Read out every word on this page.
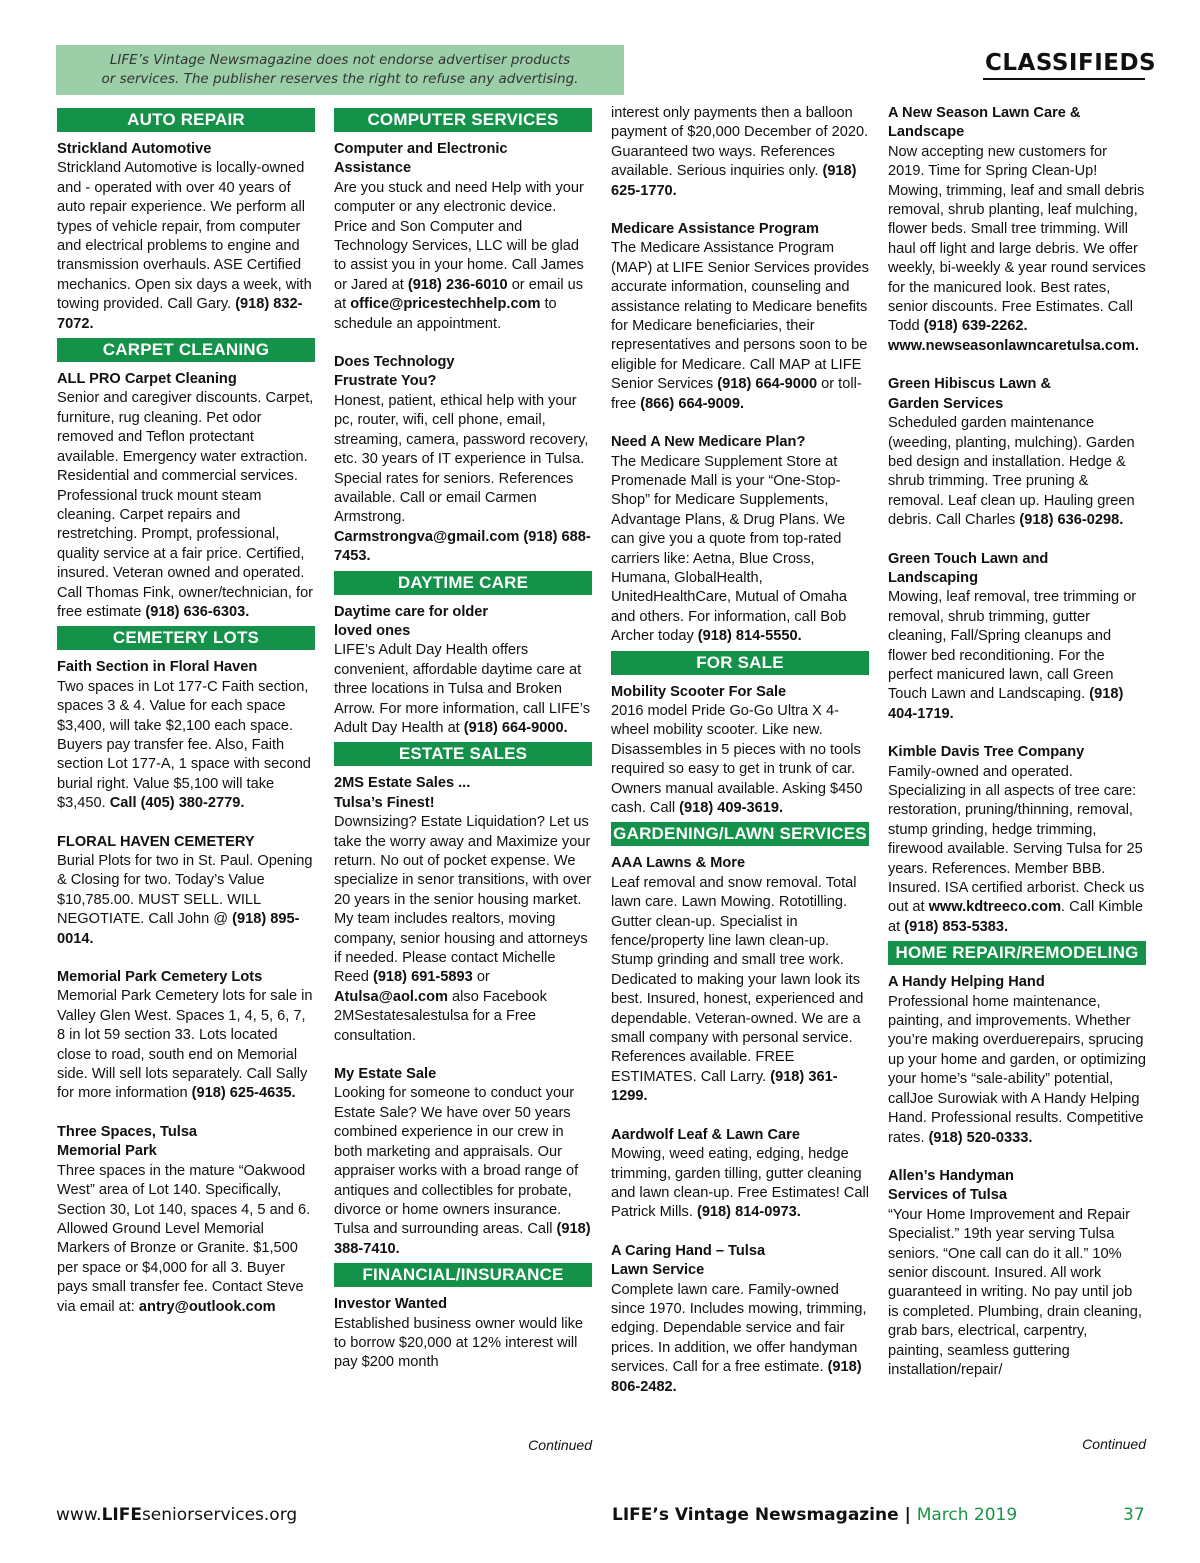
LIFE’s Vintage Newsmagazine does not endorse advertiser products
or services. The publisher reserves the right to refuse any advertising.
CLASSIFIEDS
AUTO REPAIR
Strickland Automotive

Strickland Automotive is locally-owned and - operated with over 40 years of auto repair experience. We perform all types of vehicle repair, from computer and electrical problems to engine and transmission overhauls. ASE Certified mechanics. Open six days a week, with towing provided. Call Gary. (918) 832-7072.

CARPET CLEANING
ALL PRO Carpet Cleaning

Senior and caregiver discounts. Carpet, furniture, rug cleaning. Pet odor removed and Teflon protectant available. Emergency water extraction. Residential and commercial services. Professional truck mount steam cleaning. Carpet repairs and restretching. Prompt, professional, quality service at a fair price. Certified, insured. Veteran owned and operated. Call Thomas Fink, owner/technician, for free estimate (918) 636-6303.

CEMETERY LOTS
Faith Section in Floral Haven

Two spaces in Lot 177-C Faith section, spaces 3 & 4. Value for each space $3,400, will take $2,100 each space. Buyers pay transfer fee. Also, Faith section Lot 177-A, 1 space with second burial right. Value $5,100 will take $3,450. Call (405) 380-2779.

FLORAL HAVEN CEMETERY

Burial Plots for two in St. Paul. Opening & Closing for two. Today’s Value $10,785.00. MUST SELL. WILL NEGOTIATE. Call John @ (918) 895-0014.

Memorial Park Cemetery Lots

Memorial Park Cemetery lots for sale in Valley Glen West. Spaces 1, 4, 5, 6, 7, 8 in lot 59 section 33. Lots located close to road, south end on Memorial side. Will sell lots separately. Call Sally for more information (918) 625-4635.

Three Spaces, Tulsa
Memorial Park

Three spaces in the mature “Oakwood West” area of Lot 140. Specifically, Section 30, Lot 140, spaces 4, 5 and 6. Allowed Ground Level Memorial Markers of Bronze or Granite. $1,500 per space or $4,000 for all 3. Buyer pays small transfer fee. Contact Steve via email at: antry@outlook.com

COMPUTER SERVICES
Computer and Electronic
Assistance

Are you stuck and need Help with your computer or any electronic device. Price and Son Computer and Technology Services, LLC will be glad to assist you in your home. Call James or Jared at (918) 236-6010 or email us at office@pricestechhelp.com to schedule an appointment.

Does Technology
Frustrate You?

Honest, patient, ethical help with your pc, router, wifi, cell phone, email, streaming, camera, password recovery, etc. 30 years of IT experience in Tulsa. Special rates for seniors. References available. Call or email Carmen Armstrong. Carmstrongva@gmail.com (918) 688-7453.

DAYTIME CARE
Daytime care for older
loved ones

LIFE’s Adult Day Health offers convenient, affordable daytime care at three locations in Tulsa and Broken Arrow. For more information, call LIFE’s Adult Day Health at (918) 664-9000.

ESTATE SALES
2MS Estate Sales ...
Tulsa’s Finest!

Downsizing? Estate Liquidation? Let us take the worry away and Maximize your return. No out of pocket expense. We specialize in senor transitions, with over 20 years in the senior housing market. My team includes realtors, moving company, senior housing and attorneys if needed. Please contact Michelle Reed (918) 691-5893 or Atulsa@aol.com also Facebook 2MSestatesalestulsa for a Free consultation.

My Estate Sale

Looking for someone to conduct your Estate Sale? We have over 50 years combined experience in our crew in both marketing and appraisals. Our appraiser works with a broad range of antiques and collectibles for probate, divorce or home owners insurance. Tulsa and surrounding areas. Call (918) 388-7410.

FINANCIAL/INSURANCE
Investor Wanted

Established business owner would like to borrow $20,000 at 12% interest will pay $200 month

Continued

interest only payments then a balloon payment of $20,000 December of 2020. Guaranteed two ways. References available. Serious inquiries only. (918) 625-1770.

Medicare Assistance Program

The Medicare Assistance Program (MAP) at LIFE Senior Services provides accurate information, counseling and assistance relating to Medicare benefits for Medicare beneficiaries, their representatives and persons soon to be eligible for Medicare. Call MAP at LIFE Senior Services (918) 664-9000 or toll-free (866) 664-9009.

Need A New Medicare Plan?

The Medicare Supplement Store at Promenade Mall is your “One-Stop-Shop” for Medicare Supplements, Advantage Plans, & Drug Plans. We can give you a quote from top-rated carriers like: Aetna, Blue Cross, Humana, GlobalHealth, UnitedHealthCare, Mutual of Omaha and others. For information, call Bob Archer today (918) 814-5550.

FOR SALE
Mobility Scooter For Sale

2016 model Pride Go-Go Ultra X 4-wheel mobility scooter. Like new. Disassembles in 5 pieces with no tools required so easy to get in trunk of car. Owners manual available. Asking $450 cash. Call (918) 409-3619.

GARDENING/LAWN SERVICES
AAA Lawns & More

Leaf removal and snow removal. Total lawn care. Lawn Mowing. Rototilling. Gutter clean-up. Specialist in fence/property line lawn clean-up. Stump grinding and small tree work. Dedicated to making your lawn look its best. Insured, honest, experienced and dependable. Veteran-owned. We are a small company with personal service. References available. FREE ESTIMATES. Call Larry. (918) 361-1299.

Aardwolf Leaf & Lawn Care

Mowing, weed eating, edging, hedge trimming, garden tilling, gutter cleaning and lawn clean-up. Free Estimates! Call Patrick Mills. (918) 814-0973.

A Caring Hand – Tulsa
Lawn Service

Complete lawn care. Family-owned since 1970. Includes mowing, trimming, edging. Dependable service and fair prices. In addition, we offer handyman services. Call for a free estimate. (918) 806-2482.

A New Season Lawn Care &
Landscape

Now accepting new customers for 2019. Time for Spring Clean-Up! Mowing, trimming, leaf and small debris removal, shrub planting, leaf mulching, flower beds. Small tree trimming. Will haul off light and large debris. We offer weekly, bi-weekly & year round services for the manicured look. Best rates, senior discounts. Free Estimates. Call Todd (918) 639-2262. www.newseasonlawncaretulsa.com.

Green Hibiscus Lawn &
Garden Services

Scheduled garden maintenance (weeding, planting, mulching). Garden bed design and installation. Hedge & shrub trimming. Tree pruning & removal. Leaf clean up. Hauling green debris. Call Charles (918) 636-0298.

Green Touch Lawn and
Landscaping

Mowing, leaf removal, tree trimming or removal, shrub trimming, gutter cleaning, Fall/Spring cleanups and flower bed reconditioning. For the perfect manicured lawn, call Green Touch Lawn and Landscaping. (918) 404-1719.

Kimble Davis Tree Company

Family-owned and operated. Specializing in all aspects of tree care: restoration, pruning/thinning, removal, stump grinding, hedge trimming, firewood available. Serving Tulsa for 25 years. References. Member BBB. Insured. ISA certified arborist. Check us out at www.kdtreeco.com. Call Kimble at (918) 853-5383.

HOME REPAIR/REMODELING
A Handy Helping Hand

Professional home maintenance, painting, and improvements. Whether you’re making overduerepairs, sprucing up your home and garden, or optimizing your home’s “sale-ability” potential, callJoe Surowiak with A Handy Helping Hand. Professional results. Competitive rates. (918) 520-0333.

Allen’s Handyman
Services of Tulsa

“Your Home Improvement and Repair Specialist.” 19th year serving Tulsa seniors. “One call can do it all.” 10% senior discount. Insured. All work guaranteed in writing. No pay until job is completed. Plumbing, drain cleaning, grab bars, electrical, carpentry, painting, seamless guttering installation/repair/

Continued
www.LIFEseniorservices.org	LIFE’s Vintage Newsmagazine | March 2019	37
